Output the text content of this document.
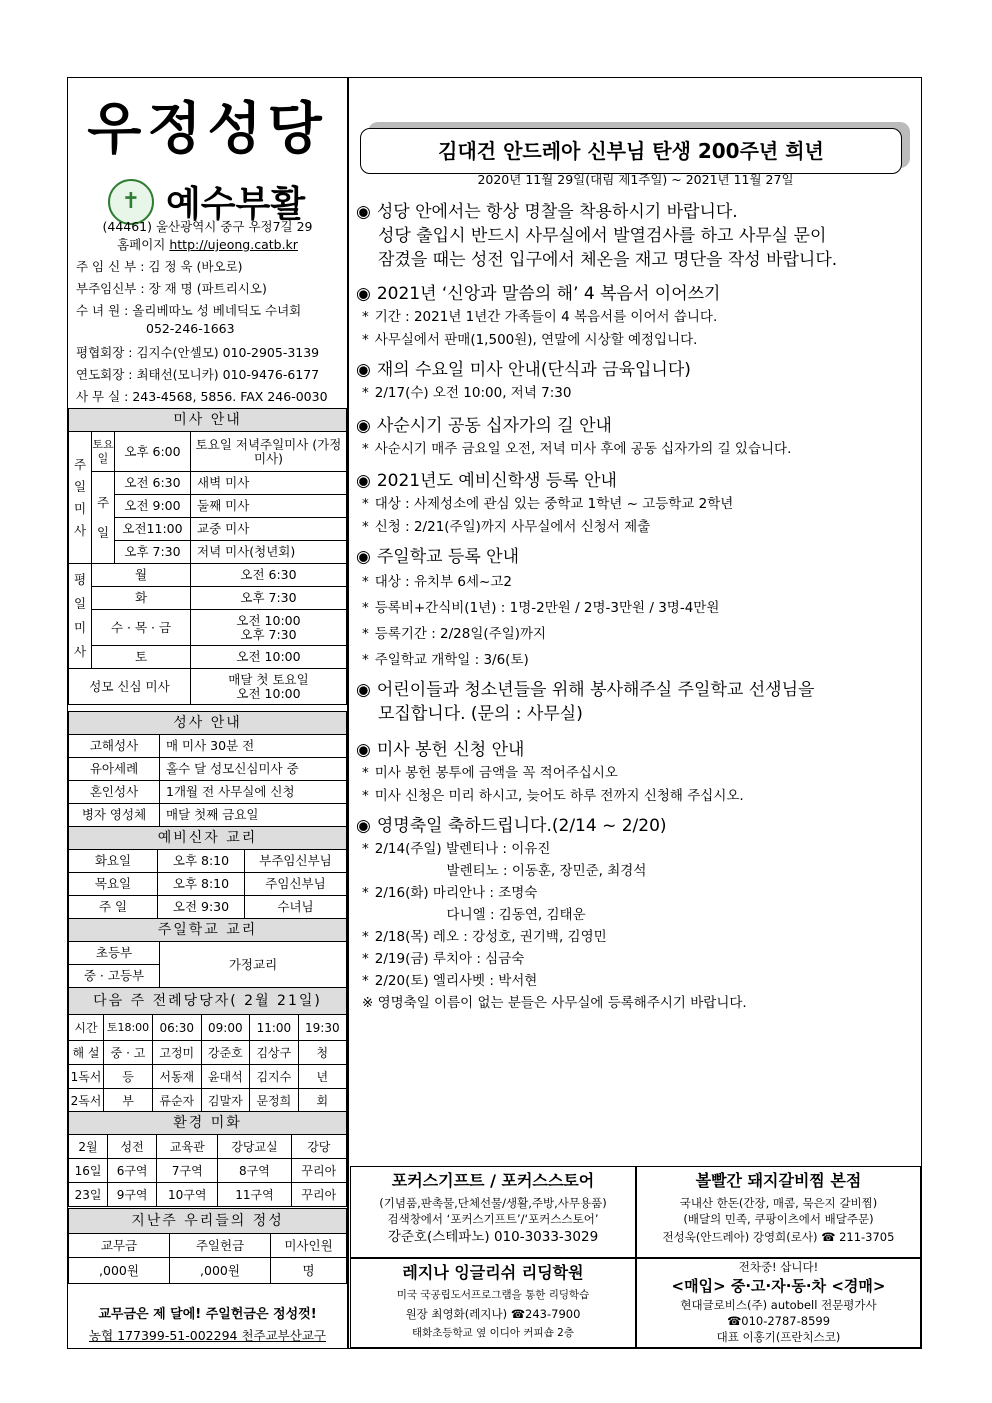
우정성당
✝ 예수부활
(44461) 울산광역시 중구 우정7길 29
홈페이지 http://ujeong.catb.kr
주 임 신 부 : 김 정 욱 (바오로)
부주임신부 : 장 재 명 (파트리시오)
수 녀 원 : 올리베따노 성 베네딕도 수녀회
052-246-1663
평협회장 : 김지수(안셀모) 010-2905-3139
연도회장 : 최태선(모니카) 010-9476-6177
사 무 실 : 243-4568, 5856. FAX 246-0030
미사 안내			
주일미사	토요일	오후 6:00	토요일 저녁주일미사 (가정미사)
	주일	오전 6:30	새벽 미사
		오전 9:00	둘째 미사
		오전11:00	교중 미사
		오후 7:30	저녁 미사(청년회)
평일미사	월		오전 6:30
	화		오후 7:30
	수 · 목 · 금		오전 10:00
오후 7:30

	토		오전 10:00
성모 신심 미사			매달 첫 토요일
오전 10:00
성사 안내	
고해성사	매 미사 30분 전
유아세례	홀수 달 성모신심미사 중
혼인성사	1개월 전 사무실에 신청
병자 영성체	매달 첫째 금요일
예비신자 교리		
화요일	오후 8:10	부주임신부님
목요일	오후 8:10	주임신부님
주 일	오전 9:30	수녀님
주일학교 교리
초등부	가정교리
중 · 고등부
다음 주 전례당당자( 2월 21일)					
시간	토18:00	06:30	09:00	11:00	19:30
해 설	중 · 고	고정미	강준호	김상구	청
1독서	등	서동재	윤대석	김지수	년
2독서	부	류순자	김말자	문정희	회
환경 미화				
2월	성전	교육관	강당교실	강당
16일	6구역	7구역	8구역	꾸리아
23일	9구역	10구역	11구역	꾸리아
지난주 우리들의 정성		
교무금	주일헌금	미사인원
,000원	,000원	명
교무금은 제 달에! 주일헌금은 정성껏!
농협 177399-51-002294 천주교부산교구
김대건 안드레아 신부님 탄생 200주년 희년
2020년 11월 29일(대림 제1주일) ~ 2021년 11월 27일
◉ 성당 안에서는 항상 명찰을 착용하시기 바랍니다.
성당 출입시 반드시 사무실에서 발열검사를 하고 사무실 문이
잠겼을 때는 성전 입구에서 체온을 재고 명단을 작성 바랍니다.
◉ 2021년 ‘신앙과 말씀의 해’ 4 복음서 이어쓰기
* 기간 : 2021년 1년간 가족들이 4 복음서를 이어서 씁니다.
* 사무실에서 판매(1,500원), 연말에 시상할 예정입니다.
◉ 재의 수요일 미사 안내(단식과 금육입니다)
* 2/17(수) 오전 10:00, 저녁 7:30
◉ 사순시기 공동 십자가의 길 안내
* 사순시기 매주 금요일 오전, 저녁 미사 후에 공동 십자가의 길 있습니다.
◉ 2021년도 예비신학생 등록 안내
* 대상 : 사제성소에 관심 있는 중학교 1학년 ~ 고등학교 2학년
* 신청 : 2/21(주일)까지 사무실에서 신청서 제출
◉ 주일학교 등록 안내
* 대상 : 유치부 6세~고2
* 등록비+간식비(1년) : 1명-2만원 / 2명-3만원 / 3명-4만원
* 등록기간 : 2/28일(주일)까지
* 주일학교 개학일 : 3/6(토)
◉ 어린이들과 청소년들을 위해 봉사해주실 주일학교 선생님을
모집합니다. (문의 : 사무실)
◉ 미사 봉헌 신청 안내
* 미사 봉헌 봉투에 금액을 꼭 적어주십시오
* 미사 신청은 미리 하시고, 늦어도 하루 전까지 신청해 주십시오.
◉ 영명축일 축하드립니다.(2/14 ~ 2/20)
* 2/14(주일) 발렌티나 : 이유진
　　　　　 발렌티노 : 이동훈, 장민준, 최경석
* 2/16(화) 마리안나 : 조명숙
　　　　　 다니엘 : 김동연, 김태운
* 2/18(목) 레오 : 강성호, 권기백, 김영민
* 2/19(금) 루치아 : 심금숙
* 2/20(토) 엘리사벳 : 박서현
※ 영명축일 이름이 없는 분들은 사무실에 등록해주시기 바랍니다.
포커스기프트 / 포커스스토어
(기념품,판촉물,단체선물/생활,주방,사무용품)
검색창에서 ‘포커스기프트’/‘포커스스토어’
강준호(스테파노) 010-3033-3029
볼빨간 돼지갈비찜 본점
국내산 한돈(간장, 매콤, 묵은지 갈비찜)
(배달의 민족, 쿠팡이츠에서 배달주문)
전성욱(안드레아) 강영희(로사) ☎ 211-3705
레지나 잉글리쉬 리딩학원
미국 국공립도서프로그램을 통한 리딩학습
원장 최영화(레지나) ☎243-7900
태화초등학교 옆 이디아 커피숍 2층
전차중! 삽니다!
<매입> 중·고·자·동·차 <경매>
현대글로비스(주) autobell 전문평가사
☎010-2787-8599
대표 이홍기(프란치스코)
